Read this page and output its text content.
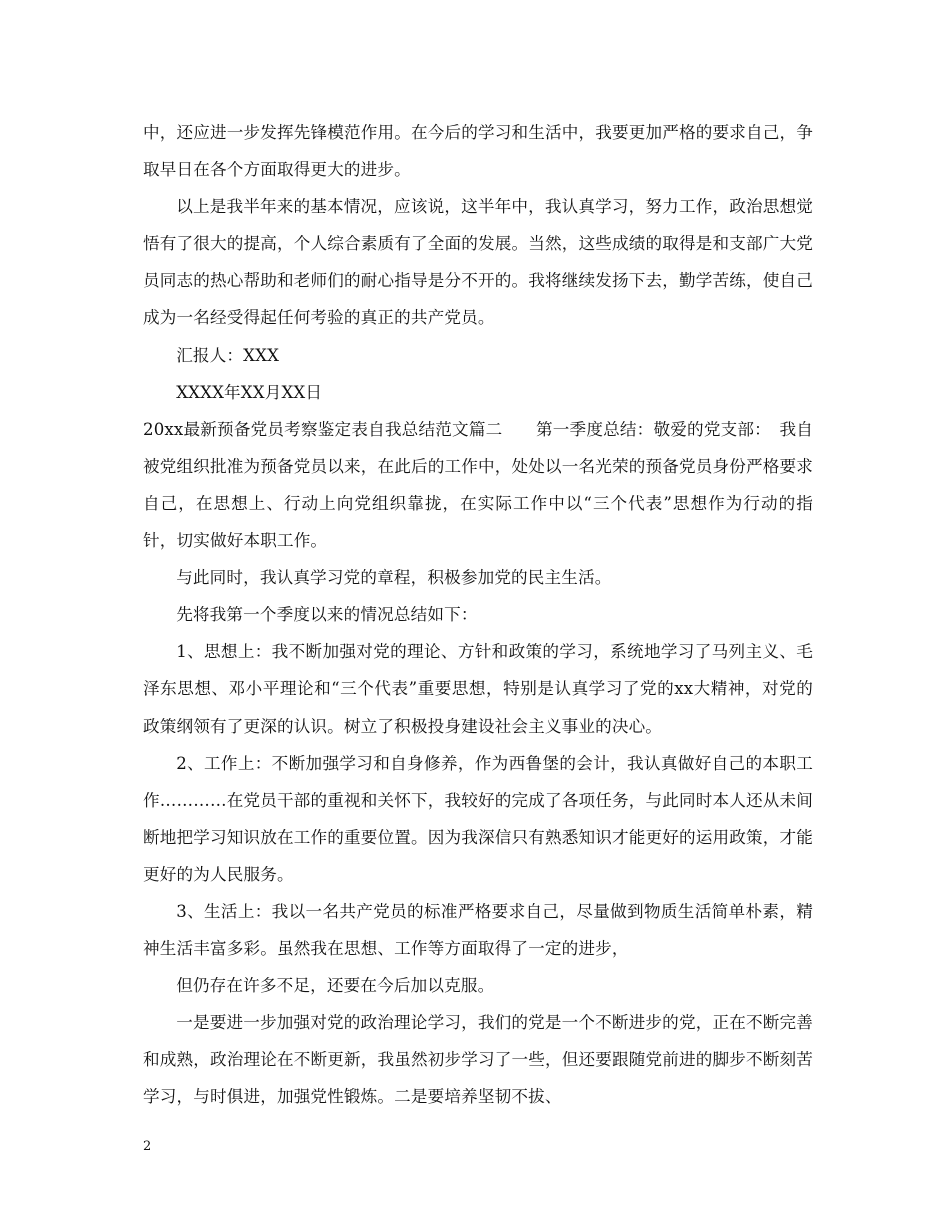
中，还应进一步发挥先锋模范作用。在今后的学习和生活中，我要更加严格的要求自己，争取早日在各个方面取得更大的进步。

以上是我半年来的基本情况，应该说，这半年中，我认真学习，努力工作，政治思想觉悟有了很大的提高，个人综合素质有了全面的发展。当然，这些成绩的取得是和支部广大党员同志的热心帮助和老师们的耐心指导是分不开的。我将继续发扬下去，勤学苦练，使自己成为一名经受得起任何考验的真正的共产党员。

汇报人：XXX

XXXX年XX月XX日

20xx最新预备党员考察鉴定表自我总结范文篇二　　第一季度总结：敬爱的党支部：　我自被党组织批准为预备党员以来，在此后的工作中，处处以一名光荣的预备党员身份严格要求自己，在思想上、行动上向党组织靠拢，在实际工作中以“三个代表”思想作为行动的指针，切实做好本职工作。

与此同时，我认真学习党的章程，积极参加党的民主生活。

先将我第一个季度以来的情况总结如下：

1、思想上：我不断加强对党的理论、方针和政策的学习，系统地学习了马列主义、毛泽东思想、邓小平理论和“三个代表”重要思想，特别是认真学习了党的xx大精神，对党的政策纲领有了更深的认识。树立了积极投身建设社会主义事业的决心。

2、工作上：不断加强学习和自身修养，作为西鲁堡的会计，我认真做好自己的本职工作…………在党员干部的重视和关怀下，我较好的完成了各项任务，与此同时本人还从未间断地把学习知识放在工作的重要位置。因为我深信只有熟悉知识才能更好的运用政策，才能更好的为人民服务。

3、生活上：我以一名共产党员的标准严格要求自己，尽量做到物质生活简单朴素，精神生活丰富多彩。虽然我在思想、工作等方面取得了一定的进步，

但仍存在许多不足，还要在今后加以克服。

一是要进一步加强对党的政治理论学习，我们的党是一个不断进步的党，正在不断完善和成熟，政治理论在不断更新，我虽然初步学习了一些，但还要跟随党前进的脚步不断刻苦学习，与时俱进，加强党性锻炼。二是要培养坚韧不拔、

2
